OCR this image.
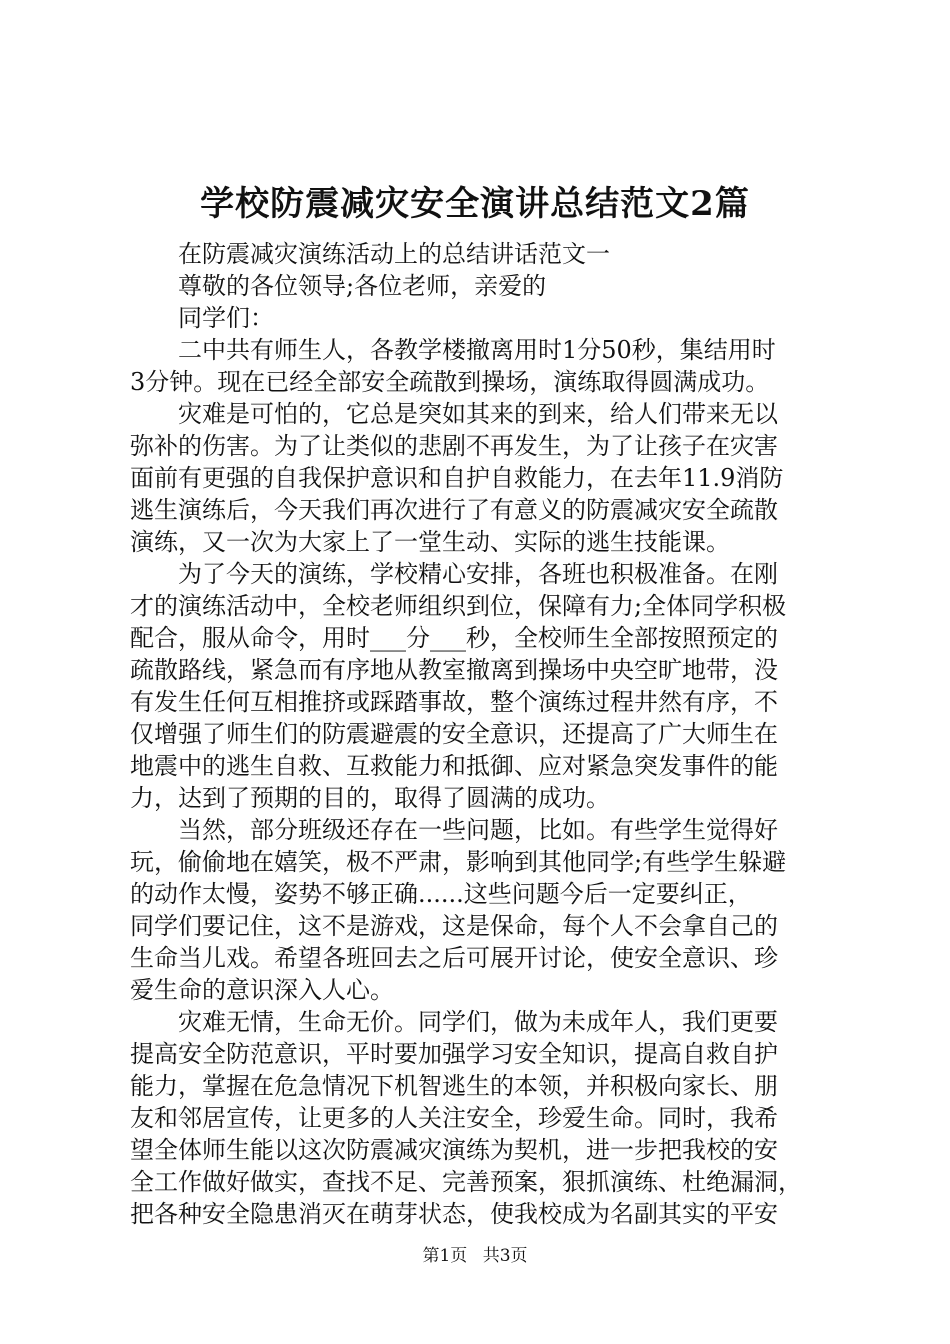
学校防震减灾安全演讲总结范文2篇
在防震减灾演练活动上的总结讲话范文一
尊敬的各位领导;各位老师，亲爱的
同学们：
二中共有师生人，各教学楼撤离用时1分50秒，集结用时
3分钟。现在已经全部安全疏散到操场，演练取得圆满成功。
灾难是可怕的，它总是突如其来的到来，给人们带来无以
弥补的伤害。为了让类似的悲剧不再发生，为了让孩子在灾害
面前有更强的自我保护意识和自护自救能力，在去年11.9消防
逃生演练后，今天我们再次进行了有意义的防震减灾安全疏散
演练，又一次为大家上了一堂生动、实际的逃生技能课。
为了今天的演练，学校精心安排，各班也积极准备。在刚
才的演练活动中，全校老师组织到位，保障有力;全体同学积极
配合，服从命令，用时___分___秒，全校师生全部按照预定的
疏散路线，紧急而有序地从教室撤离到操场中央空旷地带，没
有发生任何互相推挤或踩踏事故，整个演练过程井然有序，不
仅增强了师生们的防震避震的安全意识，还提高了广大师生在
地震中的逃生自救、互救能力和抵御、应对紧急突发事件的能
力，达到了预期的目的，取得了圆满的成功。
当然，部分班级还存在一些问题，比如。有些学生觉得好
玩，偷偷地在嬉笑，极不严肃，影响到其他同学;有些学生躲避
的动作太慢，姿势不够正确......这些问题今后一定要纠正，
同学们要记住，这不是游戏，这是保命，每个人不会拿自己的
生命当儿戏。希望各班回去之后可展开讨论，使安全意识、珍
爱生命的意识深入人心。
灾难无情，生命无价。同学们，做为未成年人，我们更要
提高安全防范意识，平时要加强学习安全知识，提高自救自护
能力，掌握在危急情况下机智逃生的本领，并积极向家长、朋
友和邻居宣传，让更多的人关注安全，珍爱生命。同时，我希
望全体师生能以这次防震减灾演练为契机，进一步把我校的安
全工作做好做实，查找不足、完善预案，狠抓演练、杜绝漏洞，
把各种安全隐患消灭在萌芽状态，使我校成为名副其实的平安
第1页 共3页
